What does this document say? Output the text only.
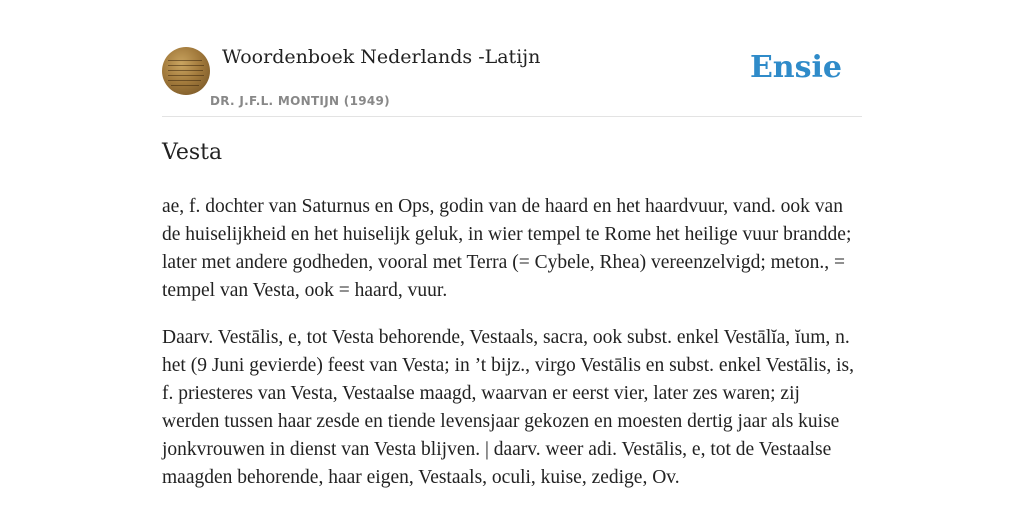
Woordenboek Nederlands -Latijn
DR. J.F.L. MONTIJN (1949)
Ensie
Vesta

ae, f. dochter van Saturnus en Ops, godin van de haard en het haardvuur, vand. ook van de huiselijkheid en het huiselijk geluk, in wier tempel te Rome het heilige vuur brandde; later met andere godheden, vooral met Terra (= Cybele, Rhea) vereenzelvigd; meton., = tempel van Vesta, ook = haard, vuur.

Daarv. Vestālis, e, tot Vesta behorende, Vestaals, sacra, ook subst. enkel Vestālĭa, ĭum, n. het (9 Juni gevierde) feest van Vesta; in ’t bijz., virgo Vestālis en subst. enkel Vestālis, is, f. priesteres van Vesta, Vestaalse maagd, waarvan er eerst vier, later zes waren; zij werden tussen haar zesde en tiende levensjaar gekozen en moesten dertig jaar als kuise jonkvrouwen in dienst van Vesta blijven. | daarv. weer adi. Vestālis, e, tot de Vestaalse maagden behorende, haar eigen, Vestaals, oculi, kuise, zedige, Ov.
